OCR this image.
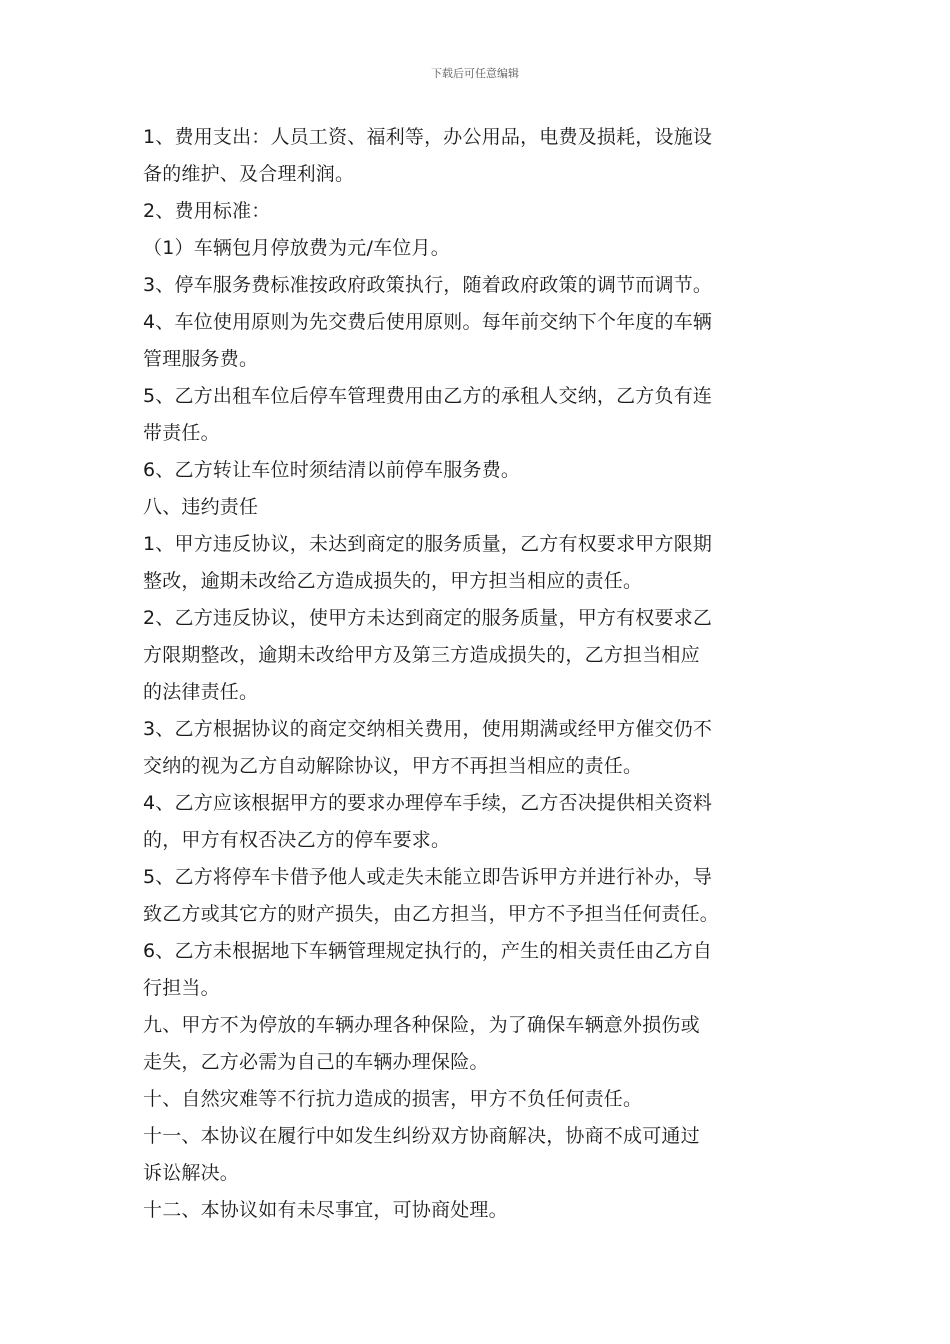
下载后可任意编辑
1、费用支出：人员工资、福利等，办公用品，电费及损耗，设施设
备的维护、及合理利润。
2、费用标准：
（1）车辆包月停放费为元/车位月。
3、停车服务费标准按政府政策执行，随着政府政策的调节而调节。
4、车位使用原则为先交费后使用原则。每年前交纳下个年度的车辆
管理服务费。
5、乙方出租车位后停车管理费用由乙方的承租人交纳，乙方负有连
带责任。
6、乙方转让车位时须结清以前停车服务费。
八、违约责任
1、甲方违反协议，未达到商定的服务质量，乙方有权要求甲方限期
整改，逾期未改给乙方造成损失的，甲方担当相应的责任。
2、乙方违反协议，使甲方未达到商定的服务质量，甲方有权要求乙
方限期整改，逾期未改给甲方及第三方造成损失的，乙方担当相应
的法律责任。
3、乙方根据协议的商定交纳相关费用，使用期满或经甲方催交仍不
交纳的视为乙方自动解除协议，甲方不再担当相应的责任。
4、乙方应该根据甲方的要求办理停车手续，乙方否决提供相关资料
的，甲方有权否决乙方的停车要求。
5、乙方将停车卡借予他人或走失未能立即告诉甲方并进行补办，导
致乙方或其它方的财产损失，由乙方担当，甲方不予担当任何责任。
6、乙方未根据地下车辆管理规定执行的，产生的相关责任由乙方自
行担当。
九、甲方不为停放的车辆办理各种保险，为了确保车辆意外损伤或
走失，乙方必需为自己的车辆办理保险。
十、自然灾难等不行抗力造成的损害，甲方不负任何责任。
十一、本协议在履行中如发生纠纷双方协商解决，协商不成可通过
诉讼解决。
十二、本协议如有未尽事宜，可协商处理。
